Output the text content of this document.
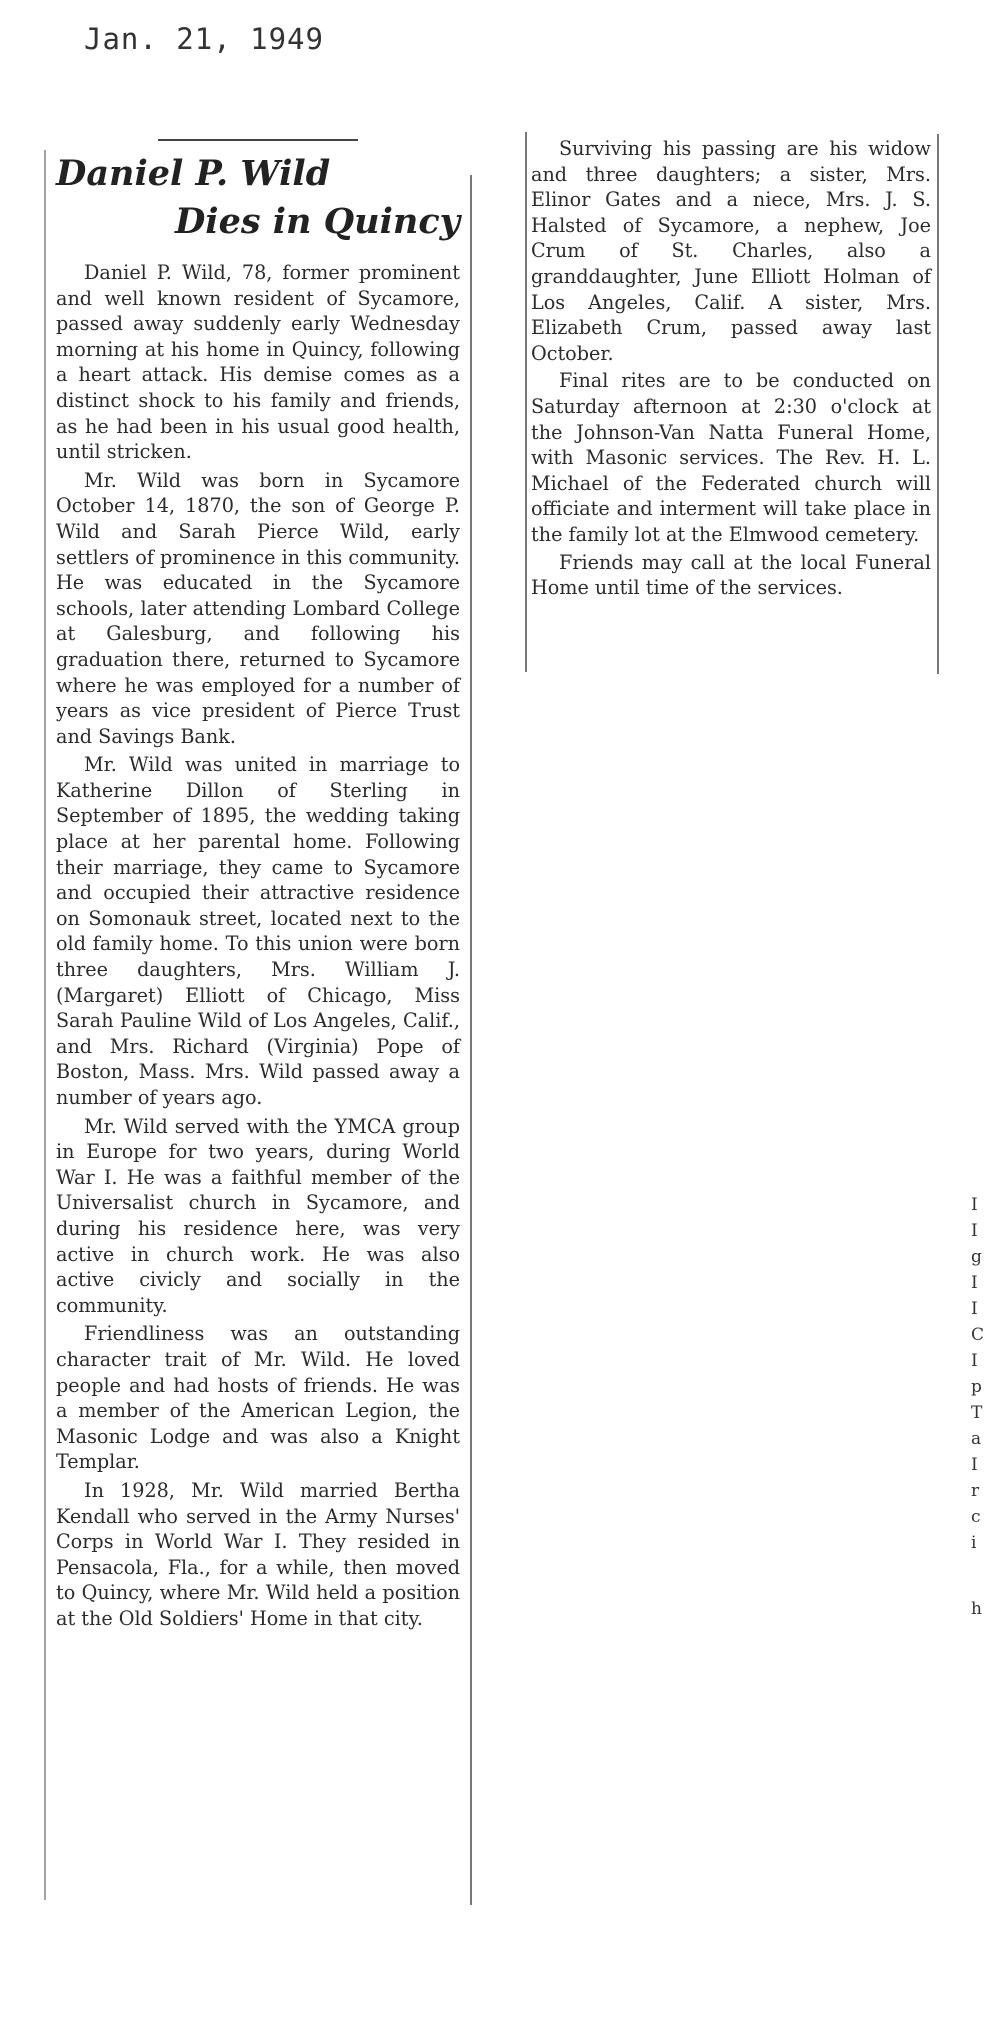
Jan. 21, 1949
Daniel P. Wild
Dies in Quincy

Daniel P. Wild, 78, former prominent and well known resident of Sycamore, passed away suddenly early Wednesday morning at his home in Quincy, following a heart attack. His demise comes as a distinct shock to his family and friends, as he had been in his usual good health, until stricken.

Mr. Wild was born in Sycamore October 14, 1870, the son of George P. Wild and Sarah Pierce Wild, early settlers of prominence in this community. He was educated in the Sycamore schools, later attending Lombard College at Galesburg, and following his graduation there, returned to Sycamore where he was employed for a number of years as vice president of Pierce Trust and Savings Bank.

Mr. Wild was united in marriage to Katherine Dillon of Sterling in September of 1895, the wedding taking place at her parental home. Following their marriage, they came to Sycamore and occupied their attractive residence on Somonauk street, located next to the old family home. To this union were born three daughters, Mrs. William J. (Margaret) Elliott of Chicago, Miss Sarah Pauline Wild of Los Angeles, Calif., and Mrs. Richard (Virginia) Pope of Boston, Mass. Mrs. Wild passed away a number of years ago.

Mr. Wild served with the YMCA group in Europe for two years, during World War I. He was a faithful member of the Universalist church in Sycamore, and during his residence here, was very active in church work. He was also active civicly and socially in the community.

Friendliness was an outstanding character trait of Mr. Wild. He loved people and had hosts of friends. He was a member of the American Legion, the Masonic Lodge and was also a Knight Templar.

In 1928, Mr. Wild married Bertha Kendall who served in the Army Nurses' Corps in World War I. They resided in Pensacola, Fla., for a while, then moved to Quincy, where Mr. Wild held a position at the Old Soldiers' Home in that city.

Surviving his passing are his widow and three daughters; a sister, Mrs. Elinor Gates and a niece, Mrs. J. S. Halsted of Sycamore, a nephew, Joe Crum of St. Charles, also a granddaughter, June Elliott Holman of Los Angeles, Calif. A sister, Mrs. Elizabeth Crum, passed away last October.

Final rites are to be conducted on Saturday afternoon at 2:30 o'clock at the Johnson-Van Natta Funeral Home, with Masonic services. The Rev. H. L. Michael of the Federated church will officiate and interment will take place in the family lot at the Elmwood cemetery.

Friends may call at the local Funeral Home until time of the services.

I
I
g
I
I
C
I
p
T
a
I
r
c
i
h
